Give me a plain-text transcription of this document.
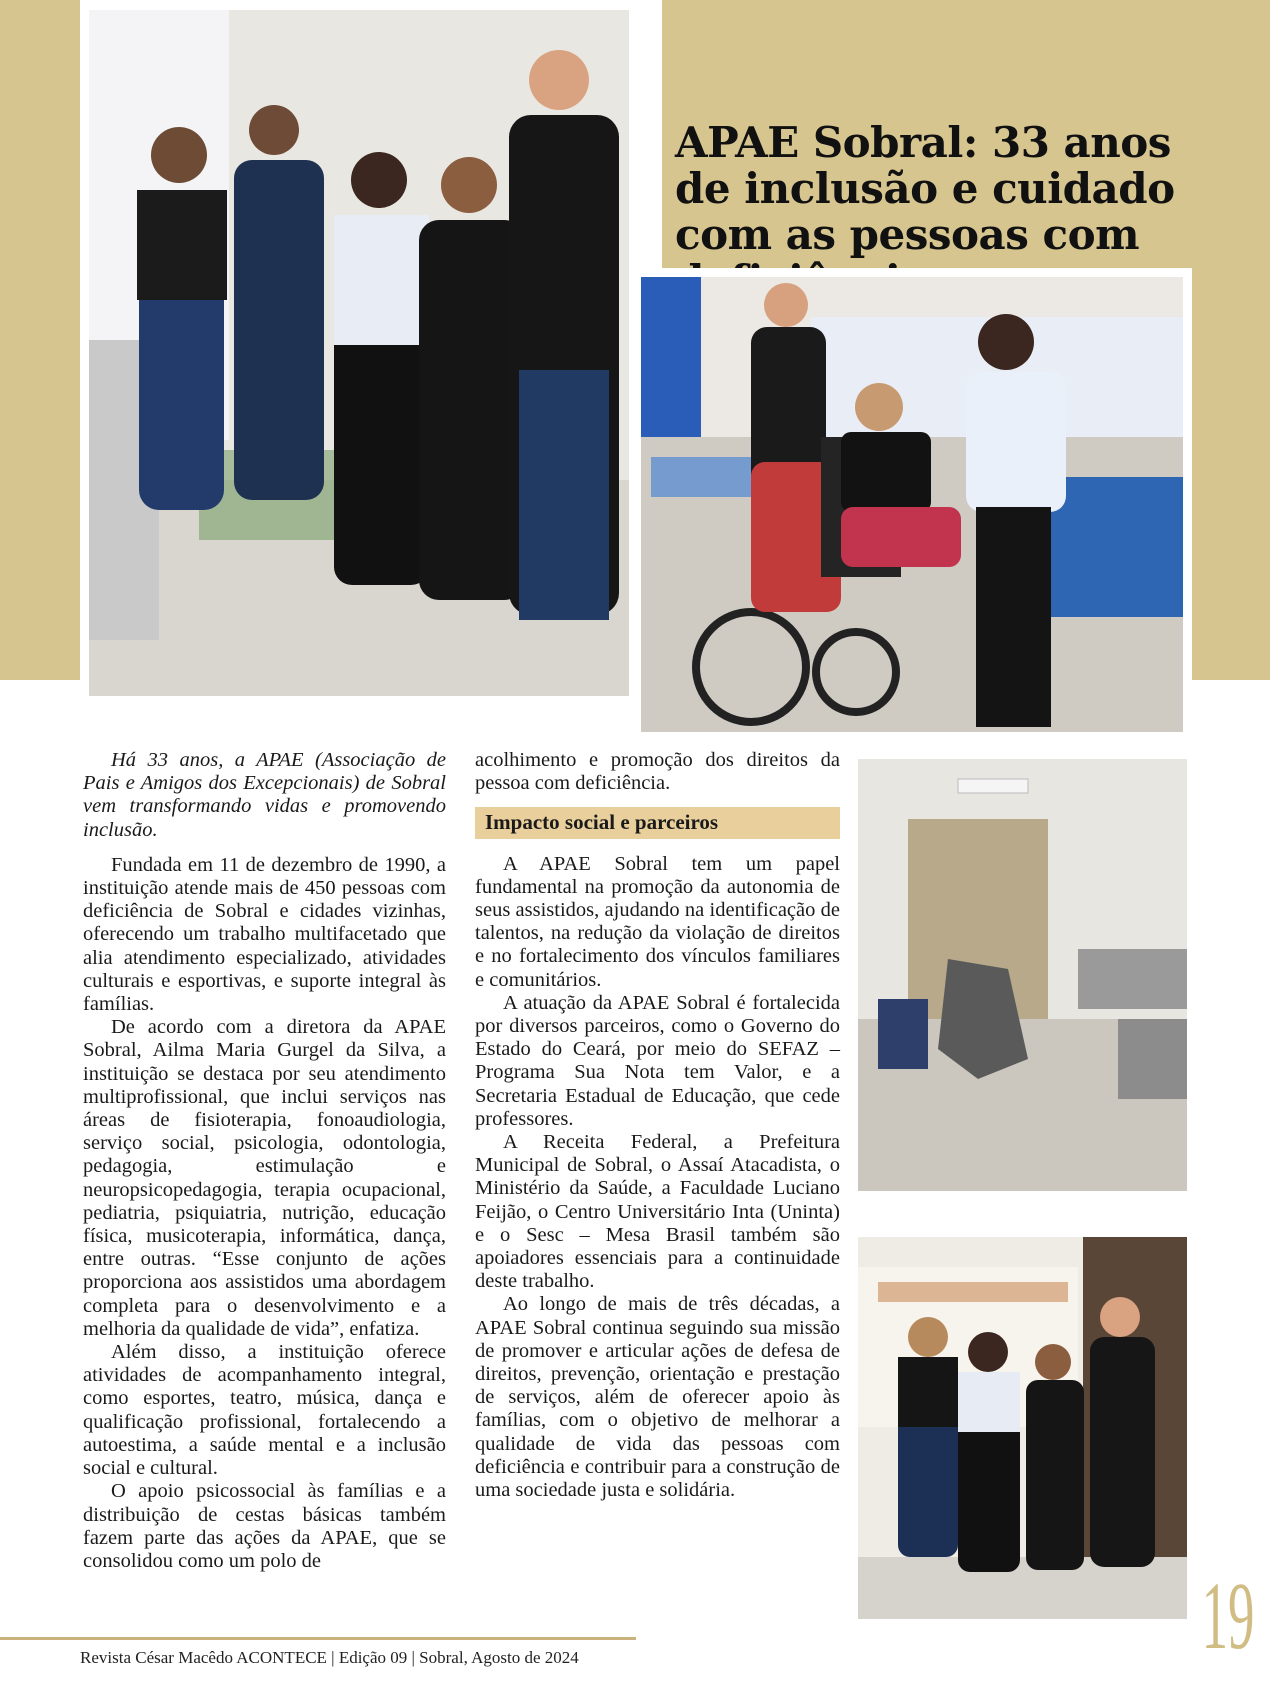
APAE Sobral: 33 anos de inclusão e cuidado com as pessoas com

Há 33 anos, a APAE (Associação de Pais e Amigos dos Excepcionais) de Sobral vem transformando vidas e promovendo inclusão.

Fundada em 11 de dezembro de 1990, a instituição atende mais de 450 pessoas com deficiência de Sobral e cidades vizinhas, oferecendo um trabalho multifacetado que alia atendimento especializado, atividades culturais e esportivas, e suporte integral às famílias.

De acordo com a diretora da APAE Sobral, Ailma Maria Gurgel da Silva, a instituição se destaca por seu atendimento multiprofissional, que inclui serviços nas áreas de fisioterapia, fonoaudiologia, serviço social, psicologia, odontologia, pedagogia, estimulação e neuropsicopedagogia, terapia ocupacional, pediatria, psiquiatria, nutrição, educação física, musicoterapia, informática, dança, entre outras. “Esse conjunto de ações proporciona aos assistidos uma abordagem completa para o desenvolvimento e a melhoria da qualidade de vida”, enfatiza.

Além disso, a instituição oferece atividades de acompanhamento integral, como esportes, teatro, música, dança e qualificação profissional, fortalecendo a autoestima, a saúde mental e a inclusão social e cultural.

O apoio psicossocial às famílias e a distribuição de cestas básicas também fazem parte das ações da APAE, que se consolidou como um polo de

acolhimento e promoção dos direitos da pessoa com deficiência.

Impacto social e parceiros

A APAE Sobral tem um papel fundamental na promoção da autonomia de seus assistidos, ajudando na identificação de talentos, na redução da violação de direitos e no fortalecimento dos vínculos familiares e comunitários.

A atuação da APAE Sobral é fortalecida por diversos parceiros, como o Governo do Estado do Ceará, por meio do SEFAZ – Programa Sua Nota tem Valor, e a Secretaria Estadual de Educação, que cede professores.

A Receita Federal, a Prefeitura Municipal de Sobral, o Assaí Atacadista, o Ministério da Saúde, a Faculdade Luciano Feijão, o Centro Universitário Inta (Uninta) e o Sesc – Mesa Brasil também são apoiadores essenciais para a continuidade deste trabalho.

Ao longo de mais de três décadas, a APAE Sobral continua seguindo sua missão de promover e articular ações de defesa de direitos, prevenção, orientação e prestação de serviços, além de oferecer apoio às famílias, com o objetivo de melhorar a qualidade de vida das pessoas com deficiência e contribuir para a construção de uma sociedade justa e solidária.

Revista César Macêdo ACONTECE | Edição 09 | Sobral, Agosto de 2024	19
